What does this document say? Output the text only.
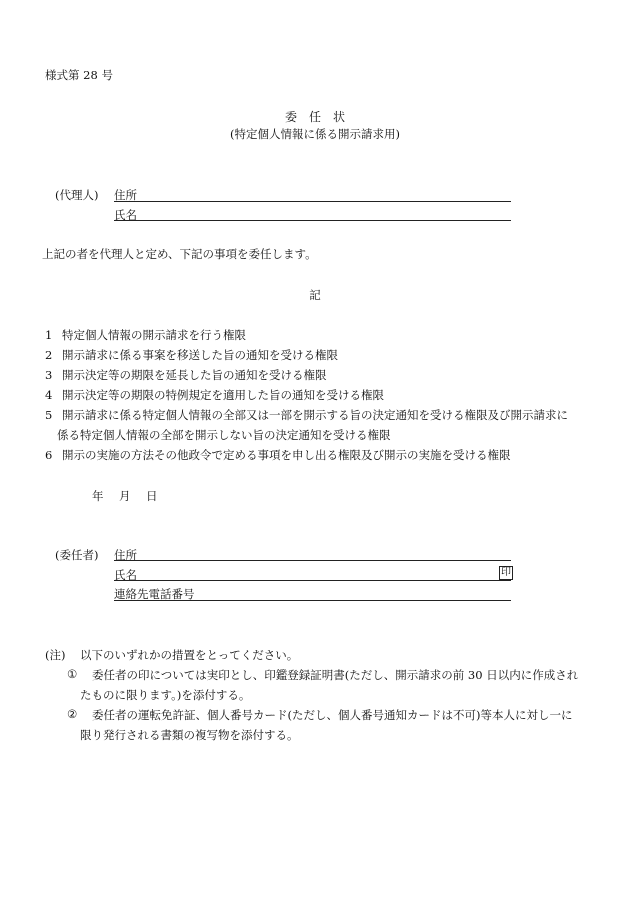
様式第 28 号
委　任　状
(特定個人情報に係る開示請求用)
(代理人) 住所
氏名
上記の者を代理人と定め、下記の事項を委任します。
記
1 特定個人情報の開示請求を行う権限
2 開示請求に係る事案を移送した旨の通知を受ける権限
3 開示決定等の期限を延長した旨の通知を受ける権限
4 開示決定等の期限の特例規定を適用した旨の通知を受ける権限
5 開示請求に係る特定個人情報の全部又は一部を開示する旨の決定通知を受ける権限及び開示請求に
係る特定個人情報の全部を開示しない旨の決定通知を受ける権限
6 開示の実施の方法その他政令で定める事項を申し出る権限及び開示の実施を受ける権限
年　月　日
(委任者) 住所
氏名	印
連絡先電話番号
(注) 以下のいずれかの措置をとってください。
① 委任者の印については実印とし、印鑑登録証明書(ただし、開示請求の前 30 日以内に作成され
たものに限ります。)を添付する。
② 委任者の運転免許証、個人番号カード(ただし、個人番号通知カードは不可)等本人に対し一に
限り発行される書類の複写物を添付する。
